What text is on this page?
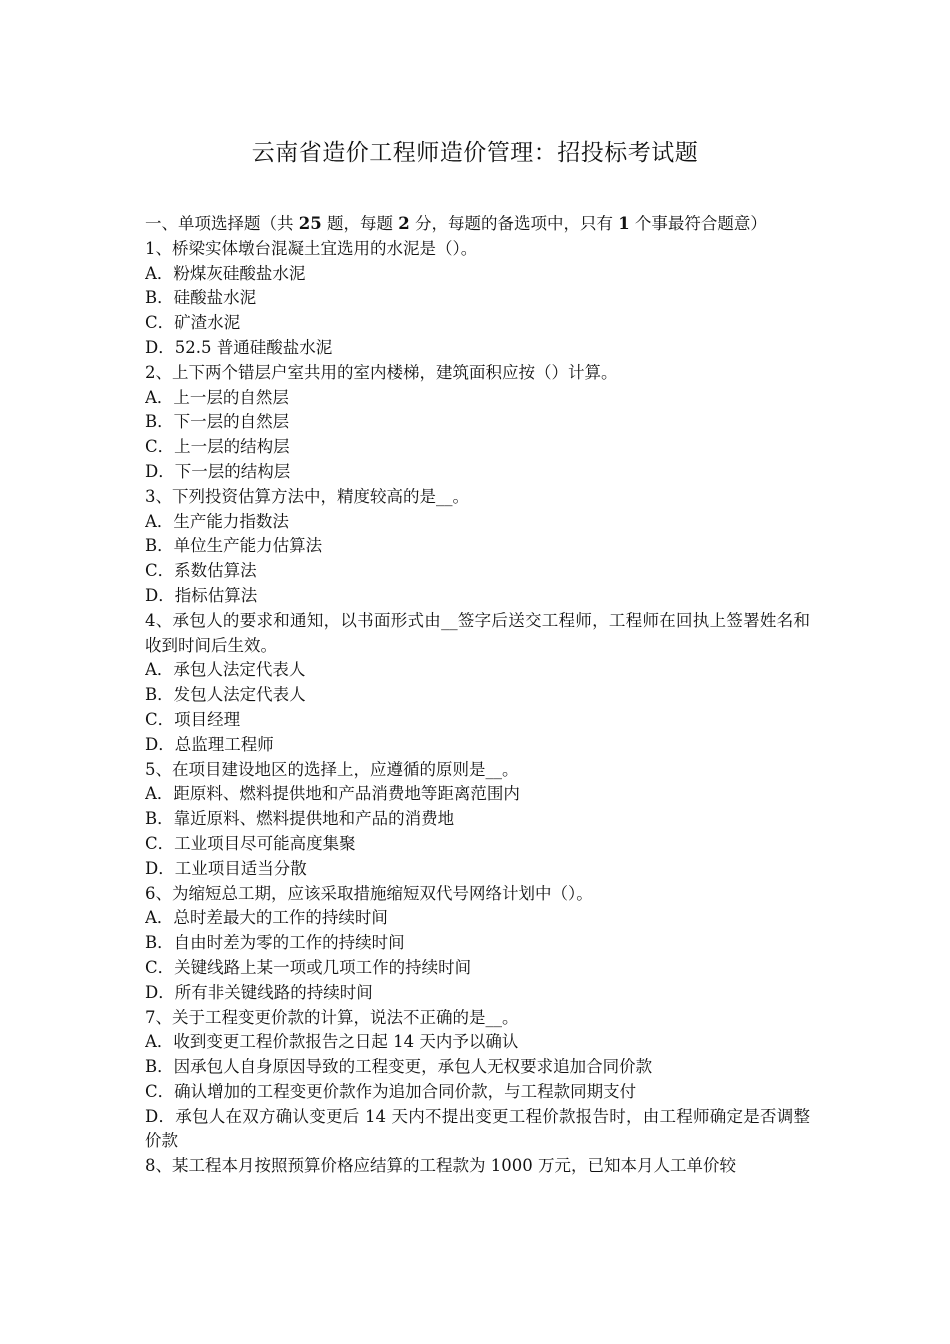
云南省造价工程师造价管理：招投标考试题
一、单项选择题（共 25 题，每题 2 分，每题的备选项中，只有 1 个事最符合题意）
1、桥梁实体墩台混凝土宜选用的水泥是（）。
A．粉煤灰硅酸盐水泥
B．硅酸盐水泥
C．矿渣水泥
D．52.5 普通硅酸盐水泥
2、上下两个错层户室共用的室内楼梯，建筑面积应按（）计算。
A．上一层的自然层
B．下一层的自然层
C．上一层的结构层
D．下一层的结构层
3、下列投资估算方法中，精度较高的是__。
A．生产能力指数法
B．单位生产能力估算法
C．系数估算法
D．指标估算法
4、承包人的要求和通知，以书面形式由__签字后送交工程师，工程师在回执上签署姓名和收到时间后生效。
A．承包人法定代表人
B．发包人法定代表人
C．项目经理
D．总监理工程师
5、在项目建设地区的选择上，应遵循的原则是__。
A．距原料、燃料提供地和产品消费地等距离范围内
B．靠近原料、燃料提供地和产品的消费地
C．工业项目尽可能高度集聚
D．工业项目适当分散
6、为缩短总工期，应该采取措施缩短双代号网络计划中（）。
A．总时差最大的工作的持续时间
B．自由时差为零的工作的持续时间
C．关键线路上某一项或几项工作的持续时间
D．所有非关键线路的持续时间
7、关于工程变更价款的计算，说法不正确的是__。
A．收到变更工程价款报告之日起 14 天内予以确认
B．因承包人自身原因导致的工程变更，承包人无权要求追加合同价款
C．确认增加的工程变更价款作为追加合同价款，与工程款同期支付
D．承包人在双方确认变更后 14 天内不提出变更工程价款报告时，由工程师确定是否调整价款
8、某工程本月按照预算价格应结算的工程款为 1000 万元，已知本月人工单价较
